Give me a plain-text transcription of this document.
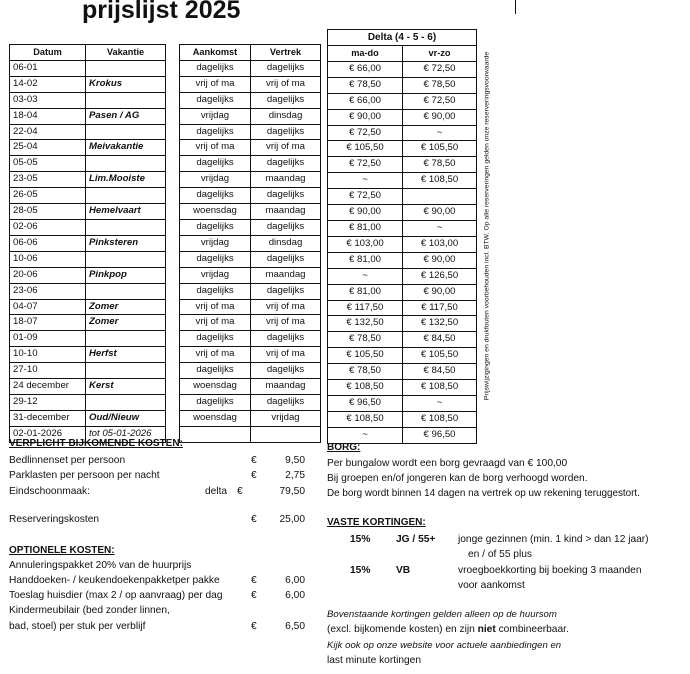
prijslijst 2025
Datum	Vakantie
06-01	
14-02	Krokus
03-03	
18-04	Pasen / AG
22-04	
25-04	Meivakantie
05-05	
23-05	Lim.Mooiste
26-05	
28-05	Hemelvaart
02-06	
06-06	Pinksteren
10-06	
20-06	Pinkpop
23-06	
04-07	Zomer
18-07	Zomer
01-09	
10-10	Herfst
27-10	
24 december	Kerst
29-12	
31-december	Oud/Nieuw
02-01-2026	tot 05-01-2026
Aankomst	Vertrek
dagelijks	dagelijks
vrij of ma	vrij of ma
dagelijks	dagelijks
vrijdag	dinsdag
dagelijks	dagelijks
vrij of ma	vrij of ma
dagelijks	dagelijks
vrijdag	maandag
dagelijks	dagelijks
woensdag	maandag
dagelijks	dagelijks
vrijdag	dinsdag
dagelijks	dagelijks
vrijdag	maandag
dagelijks	dagelijks
vrij of ma	vrij of ma
vrij of ma	vrij of ma
dagelijks	dagelijks
vrij of ma	vrij of ma
dagelijks	dagelijks
woensdag	maandag
dagelijks	dagelijks
woensdag	vrijdag

Delta (4 - 5 - 6)	
ma-do	vr-zo
€ 66,00	€ 72,50
€ 78,50	€ 78,50
€ 66,00	€ 72,50
€ 90,00	€ 90,00
€ 72,50	~
€ 105,50	€ 105,50
€ 72,50	€ 78,50
~	€ 108,50
€ 72,50	
€ 90,00	€ 90,00
€ 81,00	~
€ 103,00	€ 103,00
€ 81,00	€ 90,00
~	€ 126,50
€ 81,00	€ 90,00
€ 117,50	€ 117,50
€ 132,50	€ 132,50
€ 78,50	€ 84,50
€ 105,50	€ 105,50
€ 78,50	€ 84,50
€ 108,50	€ 108,50
€ 96,50	~
€ 108,50	€ 108,50
~	€ 96,50
Prijswijzigingen en drukfouten voorbehouden incl. BTW. Op alle reserveringen gelden onze reserveringsvoorwaarde
VERPLICHT BIJKOMENDE KOSTEN:
Bedlinnenset per persoon	€	9,50
Parklasten per persoon per nacht	€	2,75
Eindschoonmaak:	delta €	79,50
Reserveringskosten	€	25,00
OPTIONELE KOSTEN:
Annuleringspakket 20% van de huurprijs
Handdoeken- / keukendoekenpakketper pakke	€	6,00
Toeslag huisdier (max 2 / op aanvraag) per dag	€	6,00
Kindermeubilair (bed zonder linnen,
bad, stoel) per stuk per verblijf	€	6,50
BORG:
Per bungalow wordt een borg gevraagd van € 100,00
Bij groepen en/of jongeren kan de borg verhoogd worden.
De borg wordt binnen 14 dagen na vertrek op uw rekening teruggestort.
VASTE KORTINGEN:
15%	JG / 55+ jonge gezinnen (min. 1 kind > dan 12 jaar)
en / of 55 plus
15%	VB	vroegboekkorting bij boeking 3 maanden
voor aankomst
Bovenstaande kortingen gelden alleen op de huursom
(excl. bijkomende kosten) en zijn niet combineerbaar.
Kijk ook op onze website voor actuele aanbiedingen en
last minute kortingen
